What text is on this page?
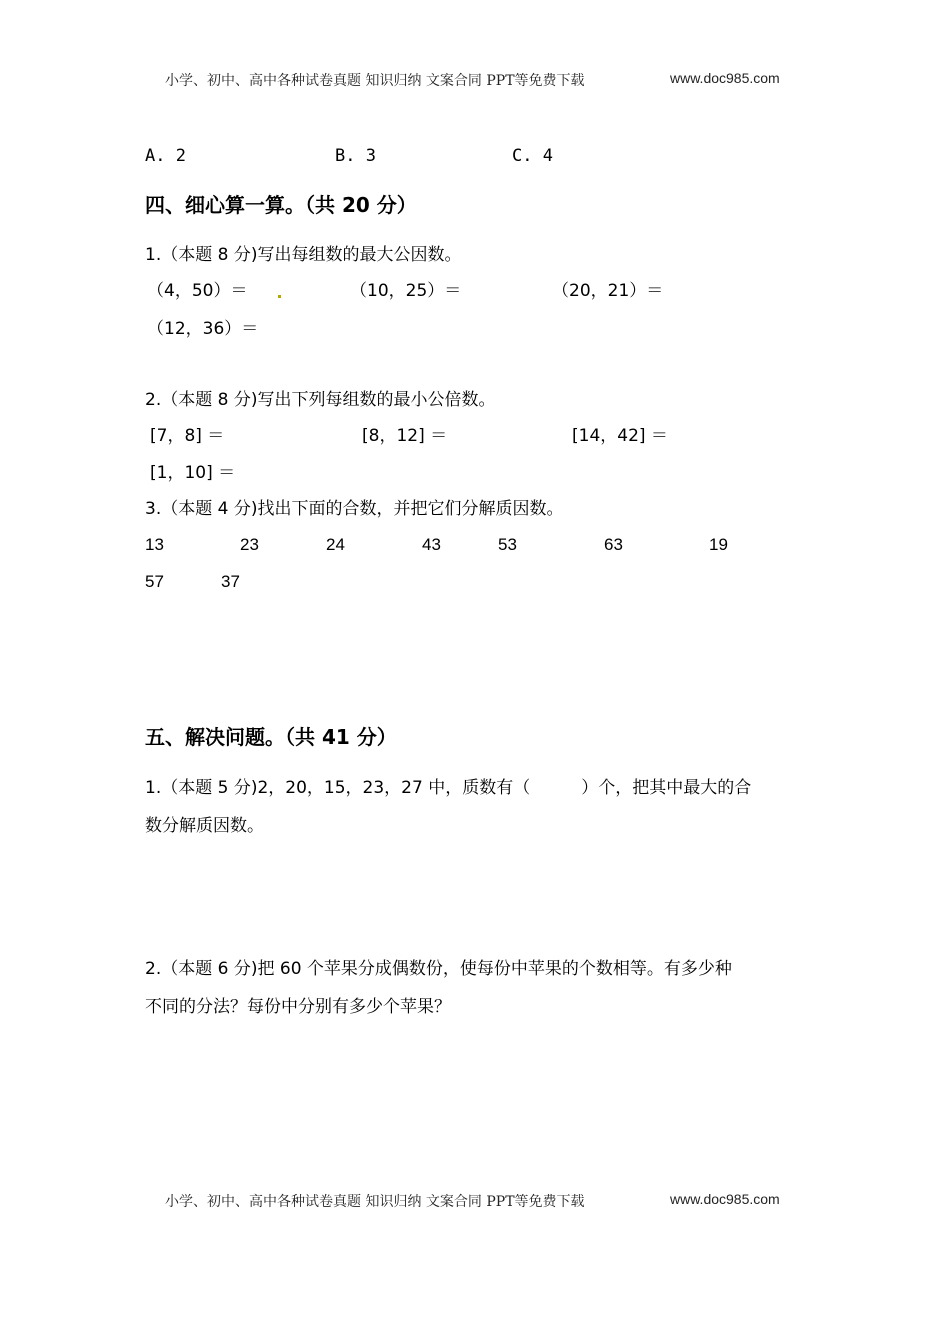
小学、初中、高中各种试卷真题 知识归纳 文案合同 PPT等免费下载	www.doc985.com
A. 2	B. 3	C. 4
四、细心算一算。（共 20 分）
1.（本题 8 分)写出每组数的最大公因数。
（4，50）＝	（10，25）＝	（20，21）＝
（12，36）＝
2.（本题 8 分)写出下列每组数的最小公倍数。
[7，8] ＝	[8，12] ＝	[14，42] ＝
[1，10] ＝
3.（本题 4 分)找出下面的合数，并把它们分解质因数。
13	23	24	43	53	63	19
57	37
五、解决问题。（共 41 分）
1.（本题 5 分)2，20，15，23，27 中，质数有（　　　）个，把其中最大的合
数分解质因数。
2.（本题 6 分)把 60 个苹果分成偶数份，使每份中苹果的个数相等。有多少种
不同的分法？每份中分别有多少个苹果？
小学、初中、高中各种试卷真题 知识归纳 文案合同 PPT等免费下载	www.doc985.com
